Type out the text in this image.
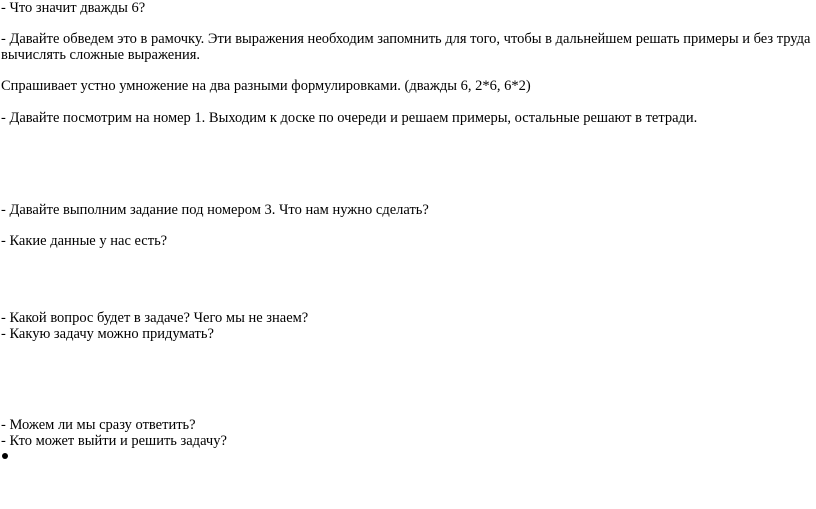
- Что значит дважды 6?
- Давайте обведем это в рамочку. Эти выражения необходим запомнить для того, чтобы в дальнейшем решать примеры и без труда
вычислять сложные выражения.
Спрашивает устно умножение на два разными формулировками. (дважды 6, 2*6, 6*2)
- Давайте посмотрим на номер 1. Выходим к доске по очереди и решаем примеры, остальные решают в тетради.
- Давайте выполним задание под номером 3. Что нам нужно сделать?
- Какие данные у нас есть?
- Какой вопрос будет в задаче? Чего мы не знаем?
- Какую задачу можно придумать?
- Можем ли мы сразу ответить?
- Кто может выйти и решить задачу?
